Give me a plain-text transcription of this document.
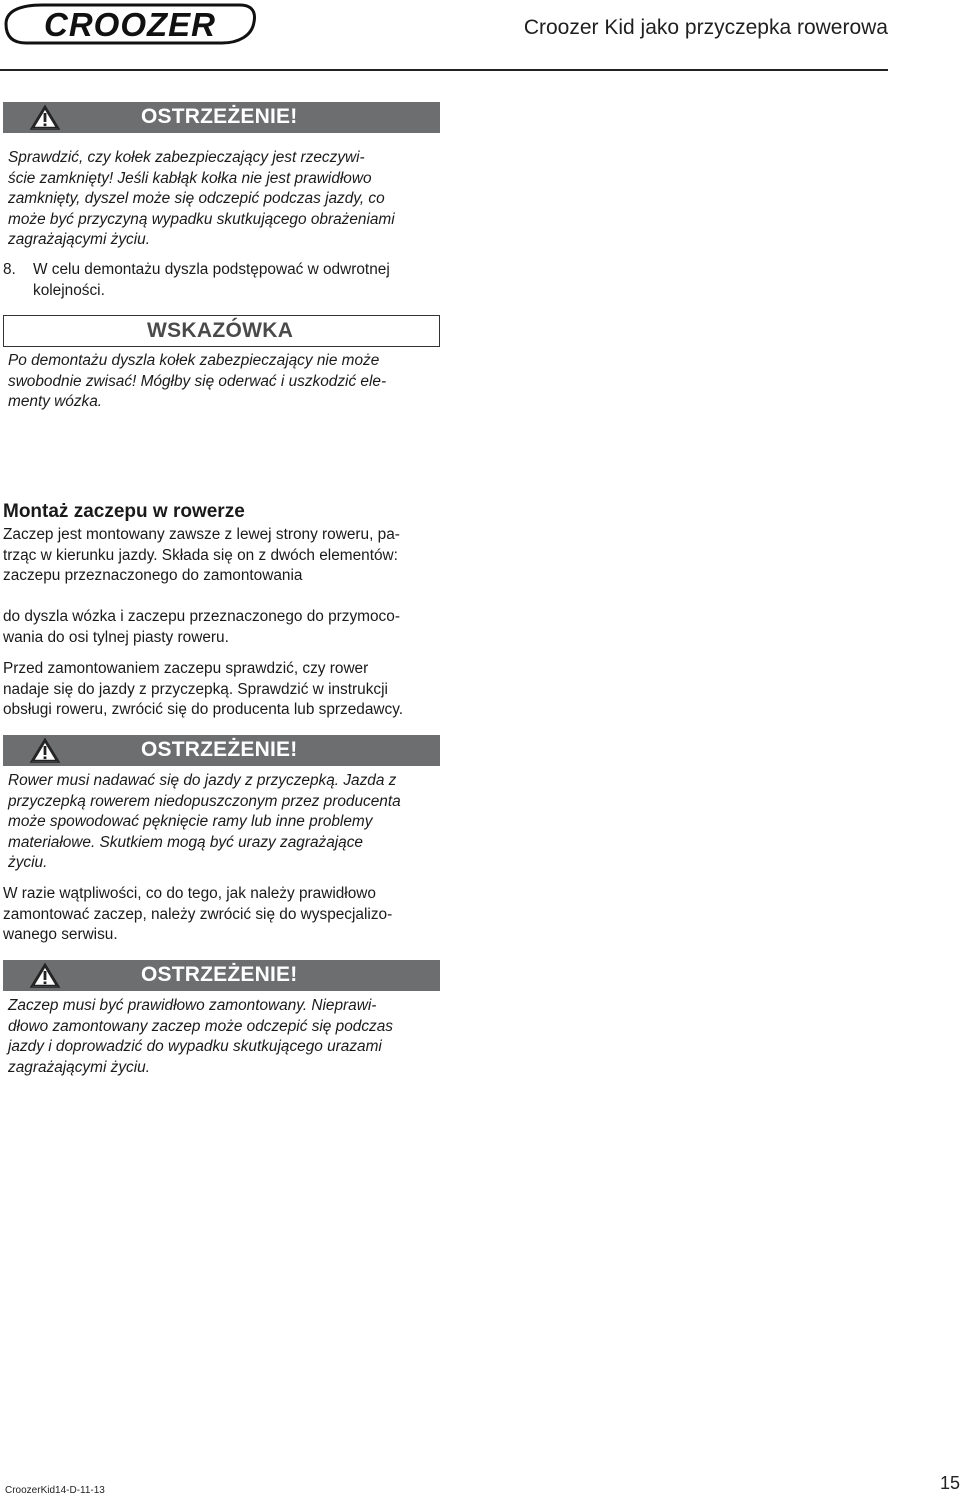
CROOZER	Croozer Kid jako przyczepka rowerowa
OSTRZEŻENIE!
Sprawdzić, czy kołek zabezpieczający jest rzeczywi-
ście zamknięty! Jeśli kabłąk kołka nie jest prawidłowo
zamknięty, dyszel może się odczepić podczas jazdy, co
może być przyczyną wypadku skutkującego obrażeniami
zagrażającymi życiu.
8. W celu demontażu dyszla podstępować w odwrotnej
kolejności.
WSKAZÓWKA
Po demontażu dyszla kołek zabezpieczający nie może
swobodnie zwisać! Mógłby się oderwać i uszkodzić ele-
menty wózka.
Montaż zaczepu w rowerze
Zaczep jest montowany zawsze z lewej strony roweru, pa-
trząc w kierunku jazdy. Składa się on z dwóch elementów:
zaczepu przeznaczonego do zamontowania
do dyszla wózka i zaczepu przeznaczonego do przymoco-
wania do osi tylnej piasty roweru.
Przed zamontowaniem zaczepu sprawdzić, czy rower
nadaje się do jazdy z przyczepką. Sprawdzić w instrukcji
obsługi roweru, zwrócić się do producenta lub sprzedawcy.
OSTRZEŻENIE!
Rower musi nadawać się do jazdy z przyczepką. Jazda z
przyczepką rowerem niedopuszczonym przez producenta
może spowodować pęknięcie ramy lub inne problemy
materiałowe. Skutkiem mogą być urazy zagrażające
życiu.
W razie wątpliwości, co do tego, jak należy prawidłowo
zamontować zaczep, należy zwrócić się do wyspecjalizo-
wanego serwisu.
OSTRZEŻENIE!
Zaczep musi być prawidłowo zamontowany. Nieprawi-
dłowo zamontowany zaczep może odczepić się podczas
jazdy i doprowadzić do wypadku skutkującego urazami
zagrażającymi życiu.
CroozerKid14-D-11-13	15
